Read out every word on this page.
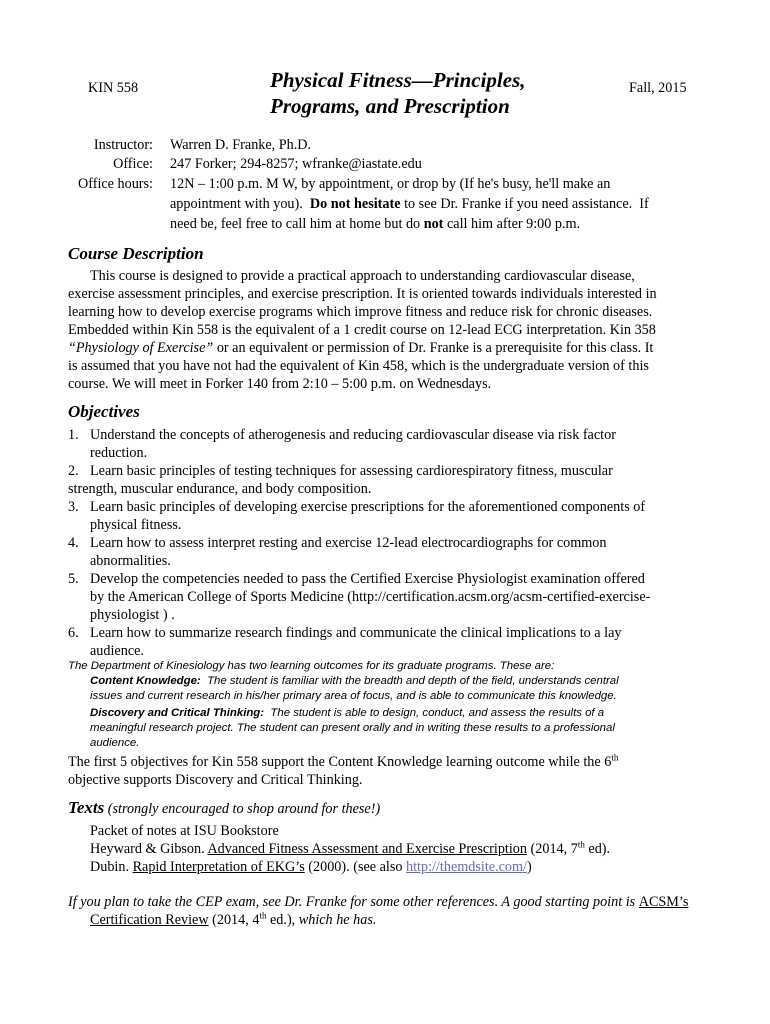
KIN 558	Physical Fitness—Principles,
Programs, and Prescription
Fall, 2015
Instructor: Warren D. Franke, Ph.D.
Office: 247 Forker; 294-8257; wfranke@iastate.edu
Office hours: 12N – 1:00 p.m. M W, by appointment, or drop by (If he's busy, he'll make an
appointment with you).  Do not hesitate to see Dr. Franke if you need assistance.  If
need be, feel free to call him at home but do not call him after 9:00 p.m.
Course Description
This course is designed to provide a practical approach to understanding cardiovascular disease,
exercise assessment principles, and exercise prescription. It is oriented towards individuals interested in
learning how to develop exercise programs which improve fitness and reduce risk for chronic diseases.
Embedded within Kin 558 is the equivalent of a 1 credit course on 12-lead ECG interpretation. Kin 358
“Physiology of Exercise” or an equivalent or permission of Dr. Franke is a prerequisite for this class. It
is assumed that you have not had the equivalent of Kin 458, which is the undergraduate version of this
course. We will meet in Forker 140 from 2:10 – 5:00 p.m. on Wednesdays.
Objectives
1. Understand the concepts of atherogenesis and reducing cardiovascular disease via risk factor
reduction.
2. Learn basic principles of testing techniques for assessing cardiorespiratory fitness, muscular
strength, muscular endurance, and body composition.
3. Learn basic principles of developing exercise prescriptions for the aforementioned components of
physical fitness.
4. Learn how to assess interpret resting and exercise 12-lead electrocardiographs for common
abnormalities.
5. Develop the competencies needed to pass the Certified Exercise Physiologist examination offered
by the American College of Sports Medicine (http://certification.acsm.org/acsm-certified-exercise-
physiologist ) .
6. Learn how to summarize research findings and communicate the clinical implications to a lay
audience.
The Department of Kinesiology has two learning outcomes for its graduate programs. These are:
Content Knowledge:  The student is familiar with the breadth and depth of the field, understands central
issues and current research in his/her primary area of focus, and is able to communicate this knowledge.
Discovery and Critical Thinking:  The student is able to design, conduct, and assess the results of a
meaningful research project. The student can present orally and in writing these results to a professional
audience.
The first 5 objectives for Kin 558 support the Content Knowledge learning outcome while the 6th
objective supports Discovery and Critical Thinking.
Texts (strongly encouraged to shop around for these!)
Packet of notes at ISU Bookstore
Heyward & Gibson. Advanced Fitness Assessment and Exercise Prescription (2014, 7th ed).
Dubin. Rapid Interpretation of EKG’s (2000). (see also http://themdsite.com/)
If you plan to take the CEP exam, see Dr. Franke for some other references. A good starting point is ACSM’s
Certification Review (2014, 4th ed.), which he has.
